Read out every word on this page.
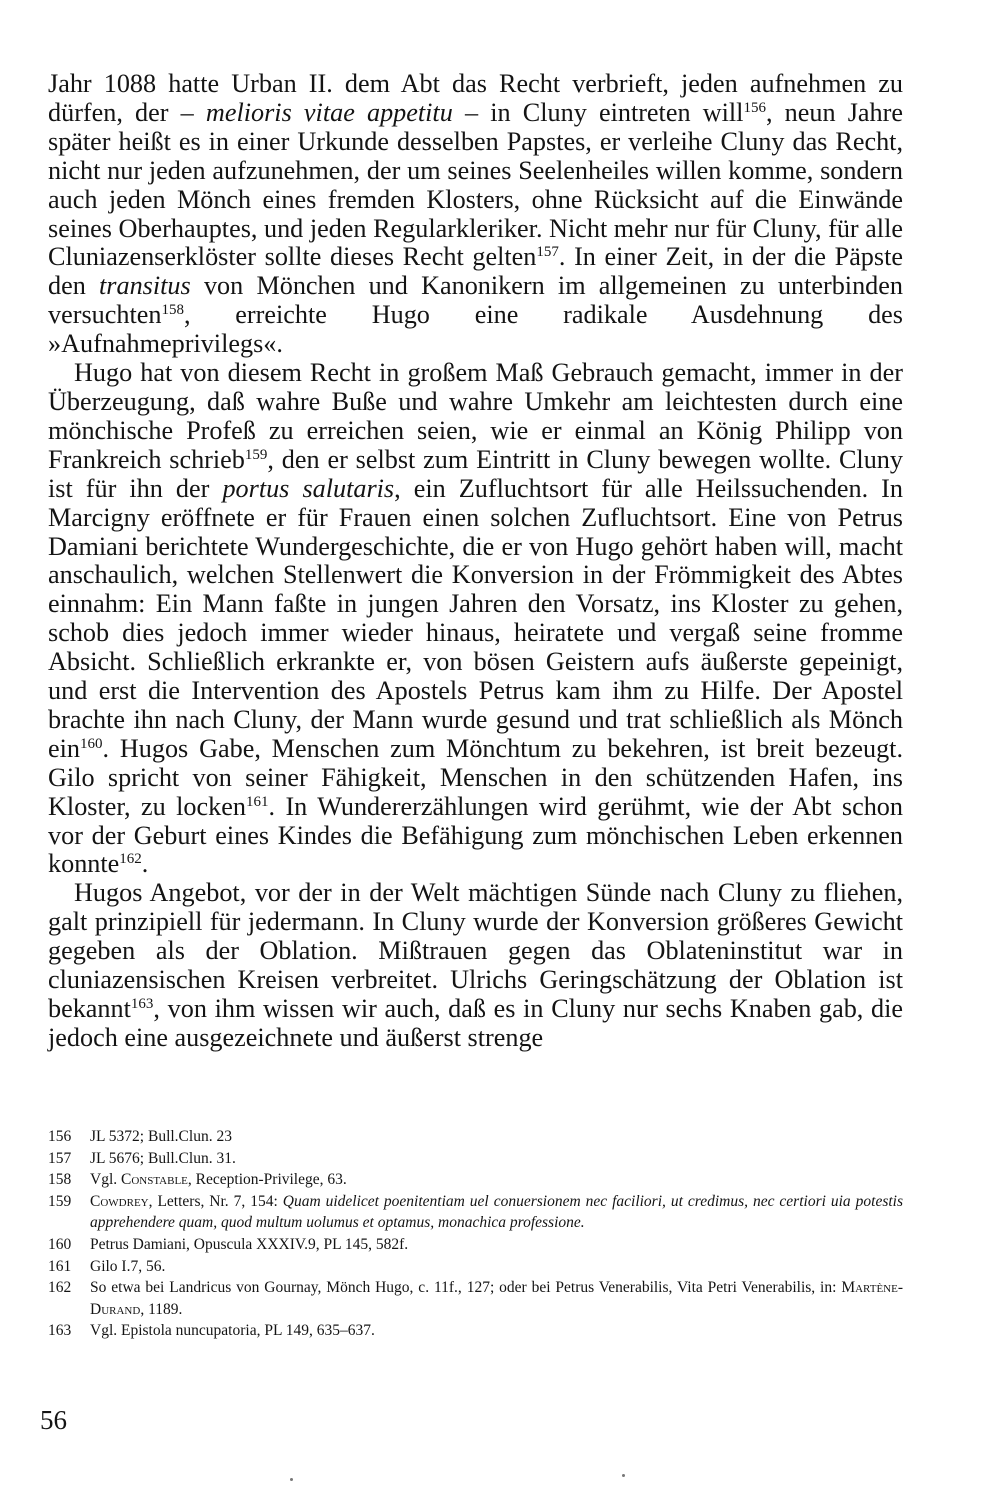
Jahr 1088 hatte Urban II. dem Abt das Recht verbrieft, jeden aufnehmen zu dürfen, der – melioris vitae appetitu – in Cluny eintreten will$^{156}$, neun Jahre später heißt es in einer Urkunde desselben Papstes, er verleihe Cluny das Recht, nicht nur jeden aufzunehmen, der um seines Seelenheiles willen komme, sondern auch jeden Mönch eines fremden Klosters, ohne Rücksicht auf die Einwände seines Oberhauptes, und jeden Regularkleriker. Nicht mehr nur für Cluny, für alle Cluniazenserklöster sollte dieses Recht gelten$^{157}$. In einer Zeit, in der die Päpste den transitus von Mönchen und Kanonikern im allgemeinen zu unterbinden versuchten$^{158}$, erreichte Hugo eine radikale Ausdehnung des »Aufnahmeprivilegs«.

Hugo hat von diesem Recht in großem Maß Gebrauch gemacht, immer in der Überzeugung, daß wahre Buße und wahre Umkehr am leichtesten durch eine mönchische Profeß zu erreichen seien, wie er einmal an König Philipp von Frankreich schrieb$^{159}$, den er selbst zum Eintritt in Cluny bewegen wollte. Cluny ist für ihn der portus salutaris, ein Zufluchtsort für alle Heilssuchenden. In Marcigny eröffnete er für Frauen einen solchen Zufluchtsort. Eine von Petrus Damiani berichtete Wundergeschichte, die er von Hugo gehört haben will, macht anschaulich, welchen Stellenwert die Konversion in der Frömmigkeit des Abtes einnahm: Ein Mann faßte in jungen Jahren den Vorsatz, ins Kloster zu gehen, schob dies jedoch immer wieder hinaus, heiratete und vergaß seine fromme Absicht. Schließlich erkrankte er, von bösen Geistern aufs äußerste gepeinigt, und erst die Intervention des Apostels Petrus kam ihm zu Hilfe. Der Apostel brachte ihn nach Cluny, der Mann wurde gesund und trat schließlich als Mönch ein$^{160}$. Hugos Gabe, Menschen zum Mönchtum zu bekehren, ist breit bezeugt. Gilo spricht von seiner Fähigkeit, Menschen in den schützenden Hafen, ins Kloster, zu locken$^{161}$. In Wundererzählungen wird gerühmt, wie der Abt schon vor der Geburt eines Kindes die Befähigung zum mönchischen Leben erkennen konnte$^{162}$.

Hugos Angebot, vor der in der Welt mächtigen Sünde nach Cluny zu fliehen, galt prinzipiell für jedermann. In Cluny wurde der Konversion größeres Gewicht gegeben als der Oblation. Mißtrauen gegen das Oblateninstitut war in cluniazensischen Kreisen verbreitet. Ulrichs Geringschätzung der Oblation ist bekannt$^{163}$, von ihm wissen wir auch, daß es in Cluny nur sechs Knaben gab, die jedoch eine ausgezeichnete und äußerst strenge

156	JL 5372; Bull.Clun. 23
157	JL 5676; Bull.Clun. 31.
158	Vgl. Constable, Reception-Privilege, 63.
159	Cowdrey, Letters, Nr. 7, 154: Quam uidelicet poenitentiam uel conuersionem nec faciliori, ut credimus, nec certiori uia potestis apprehendere quam, quod multum uolumus et optamus, monachica professione.
160	Petrus Damiani, Opuscula XXXIV.9, PL 145, 582f.
161	Gilo I.7, 56.
162	So etwa bei Landricus von Gournay, Mönch Hugo, c. 11f., 127; oder bei Petrus Venerabilis, Vita Petri Venerabilis, in: Martène-Durand, 1189.
163	Vgl. Epistola nuncupatoria, PL 149, 635–637.
56
